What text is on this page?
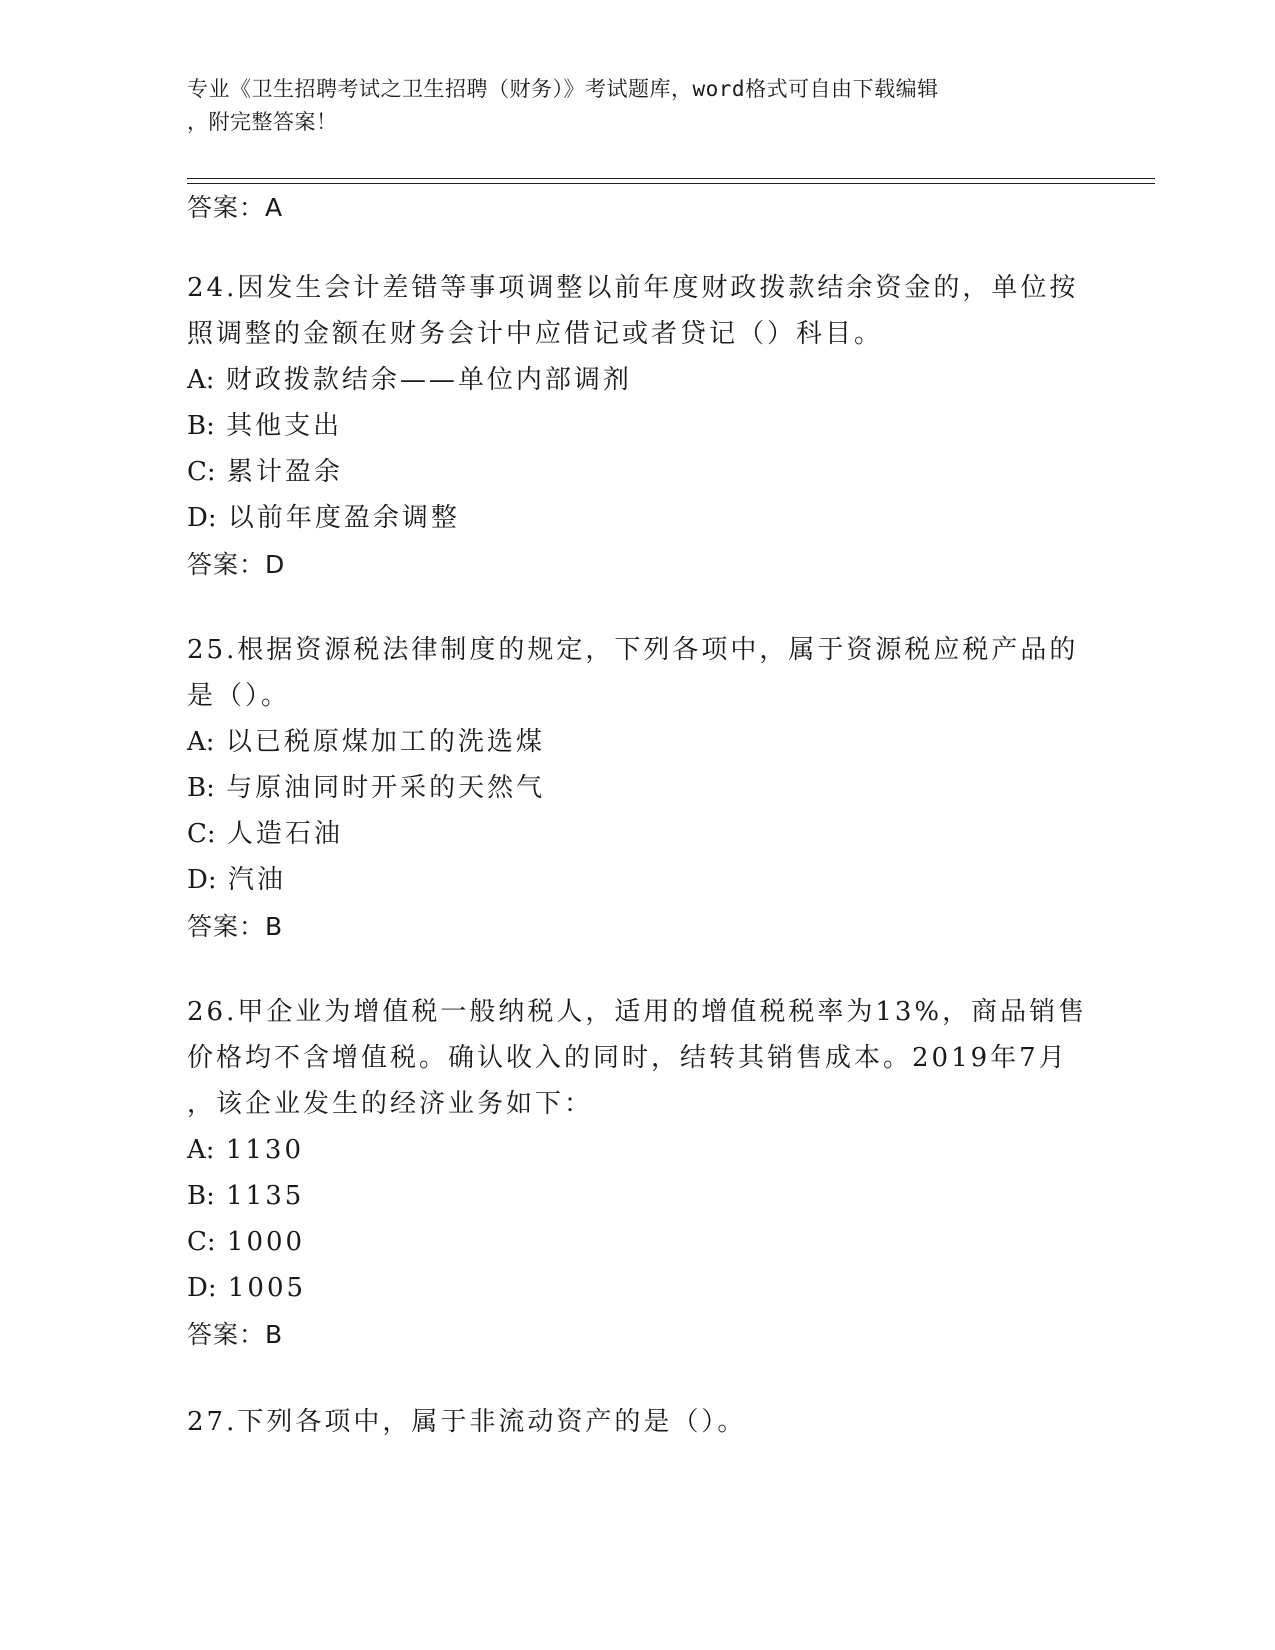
专业《卫生招聘考试之卫生招聘（财务）》考试题库，word格式可自由下载编辑
，附完整答案！
答案：A
24.因发生会计差错等事项调整以前年度财政拨款结余资金的，单位按
照调整的金额在财务会计中应借记或者贷记（）科目。
A: 财政拨款结余——单位内部调剂
B: 其他支出
C: 累计盈余
D: 以前年度盈余调整
答案：D
25.根据资源税法律制度的规定，下列各项中，属于资源税应税产品的
是（）。
A: 以已税原煤加工的洗选煤
B: 与原油同时开采的天然气
C: 人造石油
D: 汽油
答案：B
26.甲企业为增值税一般纳税人，适用的增值税税率为13%，商品销售
价格均不含增值税。确认收入的同时，结转其销售成本。2019年7月
，该企业发生的经济业务如下：
A: 1130
B: 1135
C: 1000
D: 1005
答案：B
27.下列各项中，属于非流动资产的是（）。
